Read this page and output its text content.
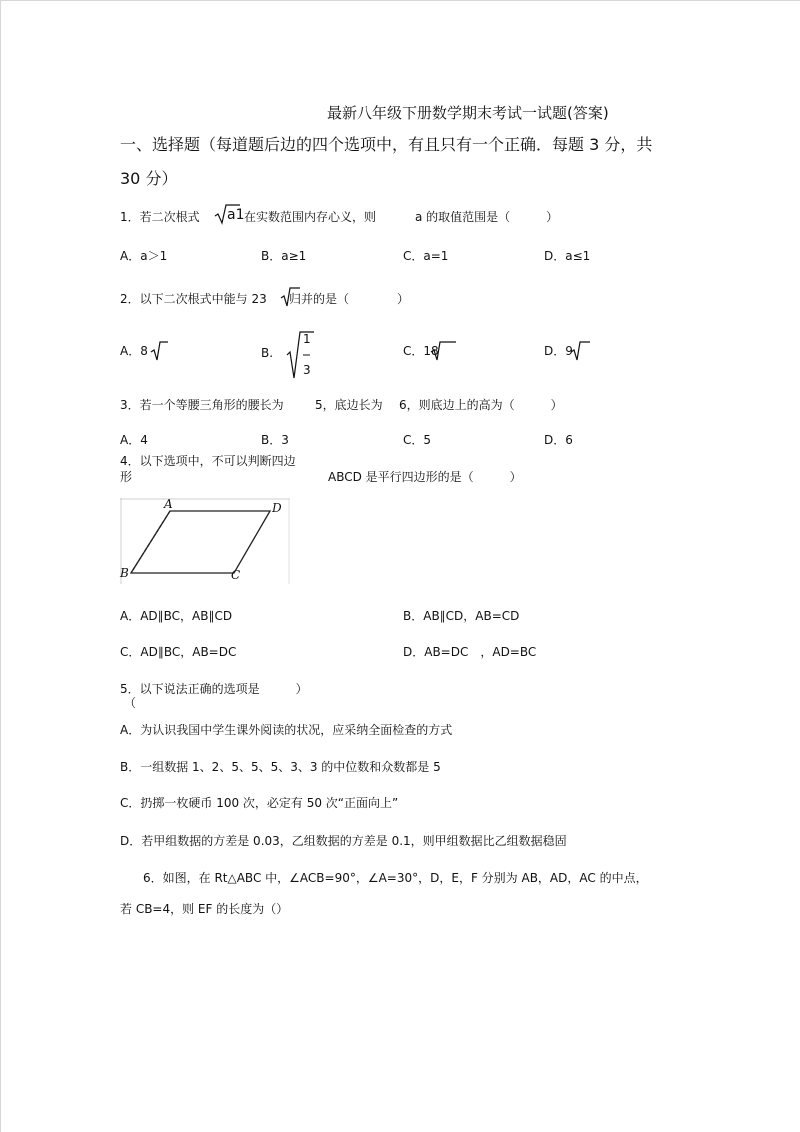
最新八年级下册数学期末考试一试题(答案)
一、选择题（每道题后边的四个选项中，有且只有一个正确．每题 3 分，共
30 分）
1．若二次根式 a1 在实数范围内存心义，则	a 的取值范围是（　　　）
A．a＞1	B．a≥1	C．a=1	D．a≤1
2．以下二次根式中能与 23 归并的是（　　　　）
A．8	B.
1
3
C．18	D．9
3．若一个等腰三角形的腰长为	5，底边长为 6，则底边上的高为（　　　）
A．4	B．3	C．5	D．6
4．以下选项中，不可以判断四边
形	ABCD 是平行四边形的是（　　　）
A	D
B	C
A．AD∥BC，AB∥CD	B．AB∥CD，AB=CD
C．AD∥BC，AB=DC	D．AB=DC　，AD=BC
5．以下说法正确的选项是　　　）
（
A．为认识我国中学生课外阅读的状况，应采纳全面检查的方式
B．一组数据 1、2、5、5、5、3、3 的中位数和众数都是 5
C．扔掷一枚硬币 100 次，必定有 50 次“正面向上”
D．若甲组数据的方差是 0.03，乙组数据的方差是 0.1，则甲组数据比乙组数据稳固
6．如图，在 Rt△ABC 中，∠ACB=90°，∠A=30°，D，E，F 分别为 AB，AD，AC 的中点，
若 CB=4，则 EF 的长度为（）
